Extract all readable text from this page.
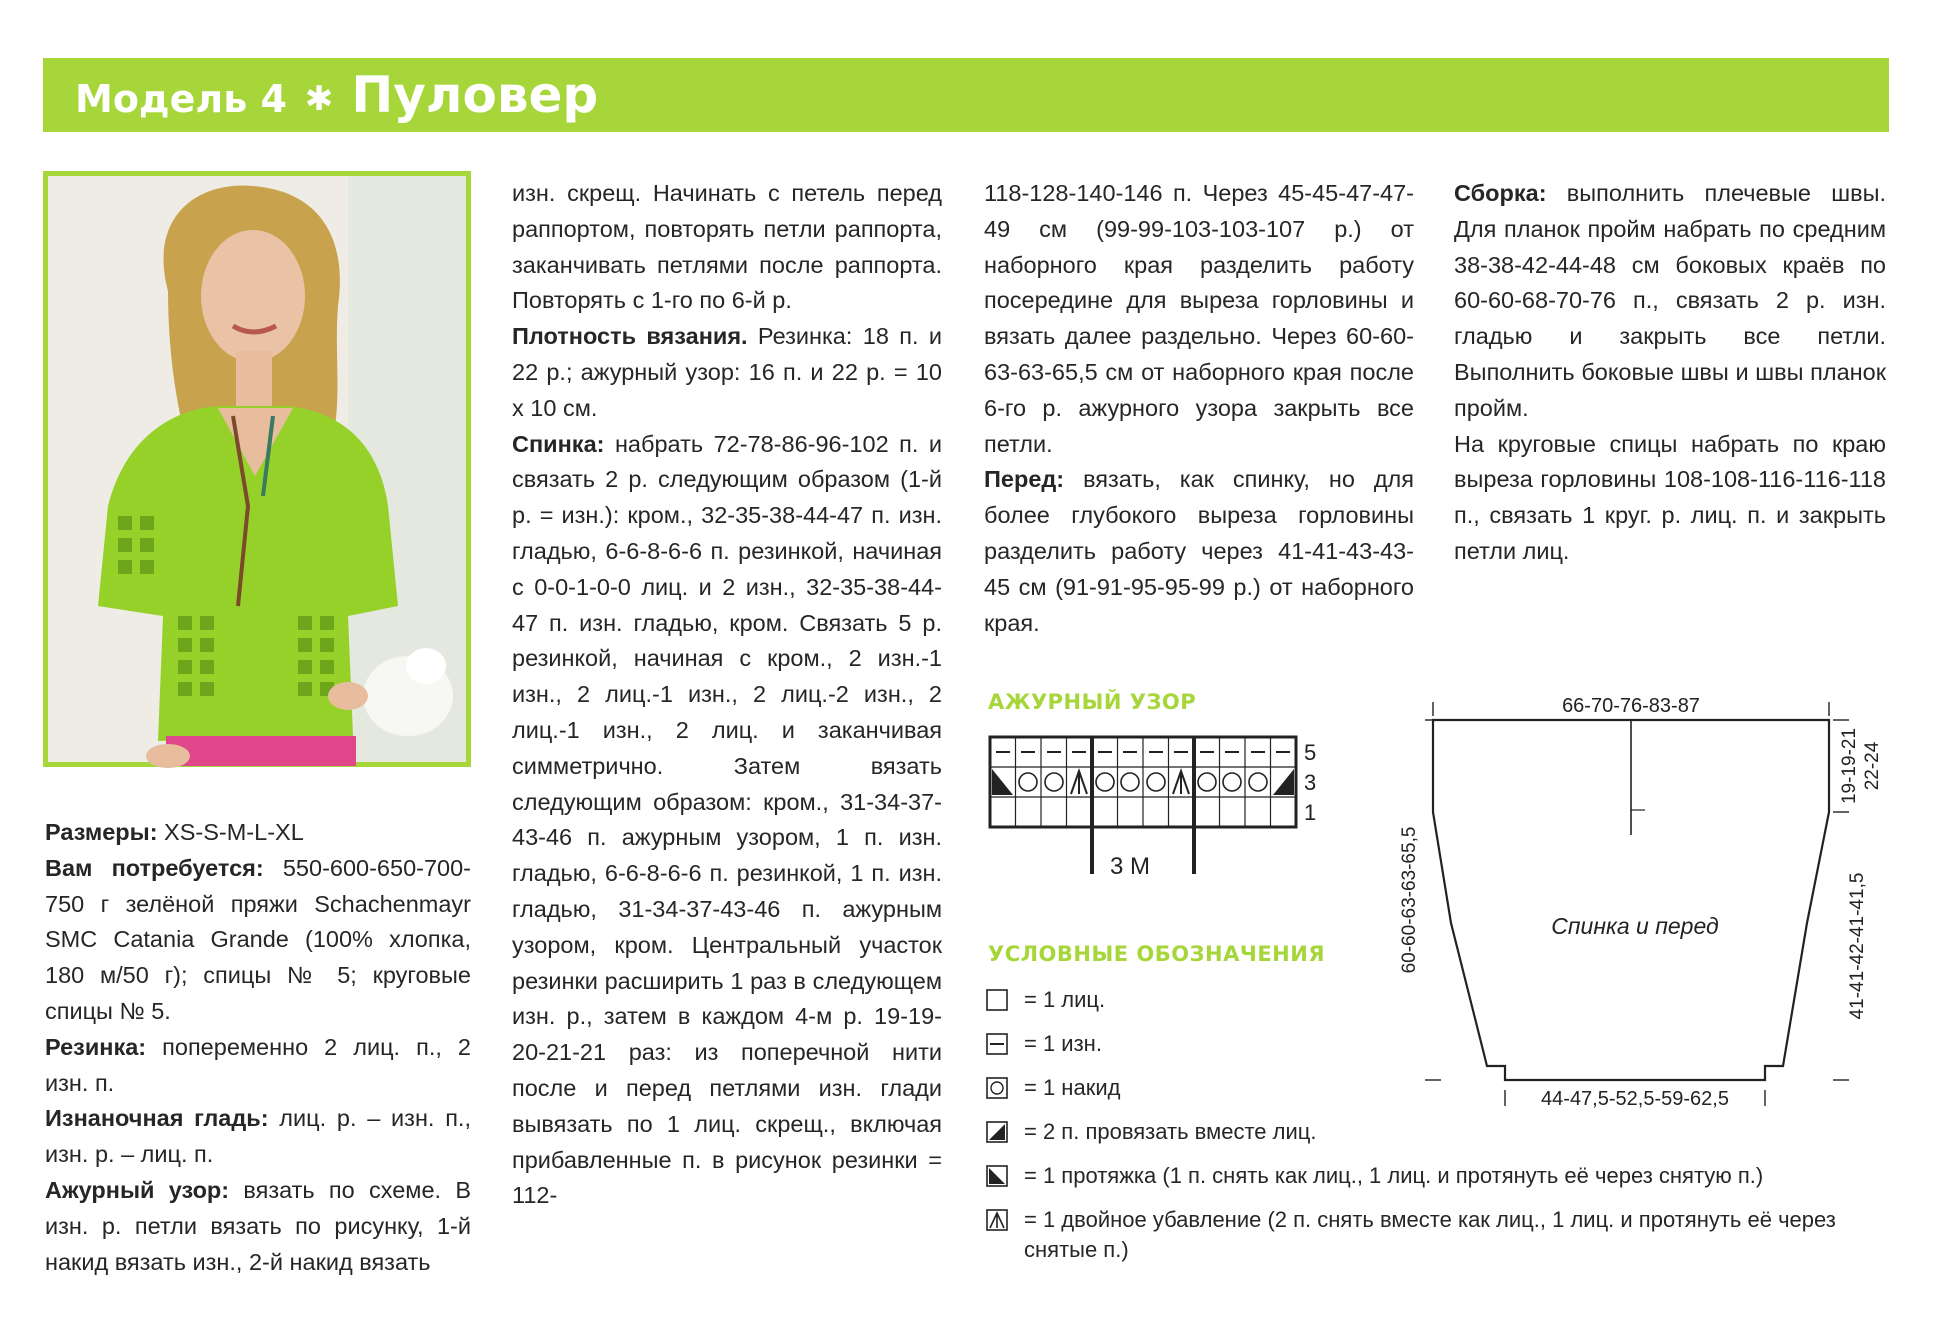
Модель 4 ✱ Пуловер

Размеры: XS-S-M-L-XL

Вам потребуется: 550-600-650-700-750 г зелёной пряжи Schachenmayr SMC Catania Grande (100% хлопка, 180 м/50 г); спицы № 5; круговые спицы № 5.

Резинка: попеременно 2 лиц. п., 2 изн. п.

Изнаночная гладь: лиц. р. – изн. п., изн. р. – лиц. п.

Ажурный узор: вязать по схеме. В изн. р. петли вязать по рисунку, 1-й накид вязать изн., 2-й накид вязать

изн. скрещ. Начинать с петель перед раппортом, повторять петли раппорта, заканчивать петлями после раппорта. Повторять с 1-го по 6-й р.

Плотность вязания. Резинка: 18 п. и 22 р.; ажурный узор: 16 п. и 22 р. = 10 х 10 см.

Спинка: набрать 72-78-86-96-102 п. и связать 2 р. следующим образом (1-й р. = изн.): кром., 32-35-38-44-47 п. изн. гладью, 6-6-8-6-6 п. резинкой, начиная с 0-0-1-0-0 лиц. и 2 изн., 32-35-38-44-47 п. изн. гладью, кром. Связать 5 р. резинкой, начиная с кром., 2 изн.-1 изн., 2 лиц.-1 изн., 2 лиц.-2 изн., 2 лиц.-1 изн., 2 лиц. и заканчивая симметрично. Затем вязать следующим образом: кром., 31-34-37-43-46 п. ажурным узором, 1 п. изн. гладью, 6-6-8-6-6 п. резинкой, 1 п. изн. гладью, 31-34-37-43-46 п. ажурным узором, кром. Центральный участок резинки расширить 1 раз в следующем изн. р., затем в каждом 4-м р. 19-19-20-21-21 раз: из поперечной нити после и перед петлями изн. глади вывязать по 1 лиц. скрещ., включая прибавленные п. в рисунок резинки = 112-

118-128-140-146 п. Через 45-45-47-47-49 см (99-99-103-103-107 р.) от наборного края разделить работу посередине для выреза горловины и вязать далее раздельно. Через 60-60-63-63-65,5 см от наборного края после 6-го р. ажурного узора закрыть все петли.

Перед: вязать, как спинку, но для более глубокого выреза горловины разделить работу через 41-41-43-43-45 см (91-91-95-95-99 р.) от наборного края.

Сборка: выполнить плечевые швы. Для планок пройм набрать по средним 38-38-42-44-48 см боковых краёв по 60-60-68-70-76 п., связать 2 р. изн. гладью и закрыть все петли. Выполнить боковые швы и швы планок пройм.

На круговые спицы набрать по краю выреза горловины 108-108-116-116-118 п., связать 1 круг. р. лиц. п. и закрыть петли лиц.

АЖУРНЫЙ УЗОР
5
3
1
3 М
УСЛОВНЫЕ ОБОЗНАЧЕНИЯ
= 1 лиц.
= 1 изн.
= 1 накид
= 2 п. провязать вместе лиц.
= 1 протяжка (1 п. снять как лиц., 1 лиц. и протянуть её через снятую п.)
= 1 двойное убавление (2 п. снять вместе как лиц., 1 лиц. и протянуть её через снятые п.)
66-70-76-83-87
44-47,5-52,5-59-62,5
Спинка и перед
60-60-63-63-65,5
19-19-21 22-24
41-41-42-41-41,5
